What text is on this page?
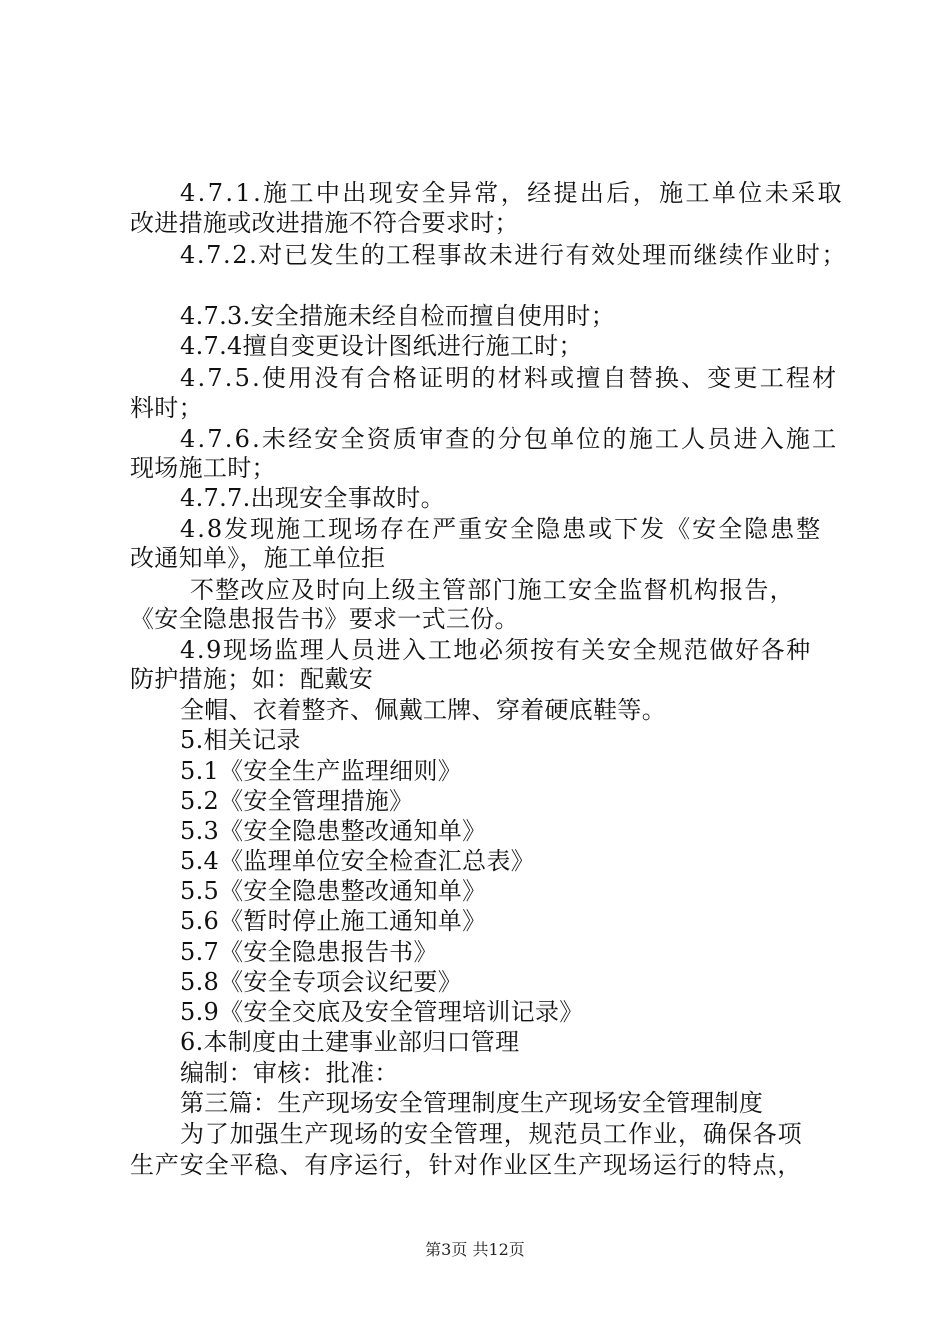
4.7.1.施工中出现安全异常，经提出后，施工单位未采取
改进措施或改进措施不符合要求时；
4.7.2.对已发生的工程事故未进行有效处理而继续作业时；
4.7.3.安全措施未经自检而擅自使用时；
4.7.4擅自变更设计图纸进行施工时；
4.7.5.使用没有合格证明的材料或擅自替换、变更工程材
料时；
4.7.6.未经安全资质审查的分包单位的施工人员进入施工
现场施工时；
4.7.7.出现安全事故时。
4.8发现施工现场存在严重安全隐患或下发《安全隐患整
改通知单》，施工单位拒
不整改应及时向上级主管部门施工安全监督机构报告，
《安全隐患报告书》要求一式三份。
4.9现场监理人员进入工地必须按有关安全规范做好各种
防护措施；如：配戴安
全帽、衣着整齐、佩戴工牌、穿着硬底鞋等。
5.相关记录
5.1《安全生产监理细则》
5.2《安全管理措施》
5.3《安全隐患整改通知单》
5.4《监理单位安全检查汇总表》
5.5《安全隐患整改通知单》
5.6《暂时停止施工通知单》
5.7《安全隐患报告书》
5.8《安全专项会议纪要》
5.9《安全交底及安全管理培训记录》
6.本制度由土建事业部归口管理
编制：审核：批准：
第三篇：生产现场安全管理制度生产现场安全管理制度
为了加强生产现场的安全管理，规范员工作业，确保各项
生产安全平稳、有序运行，针对作业区生产现场运行的特点，
第3页 共12页
